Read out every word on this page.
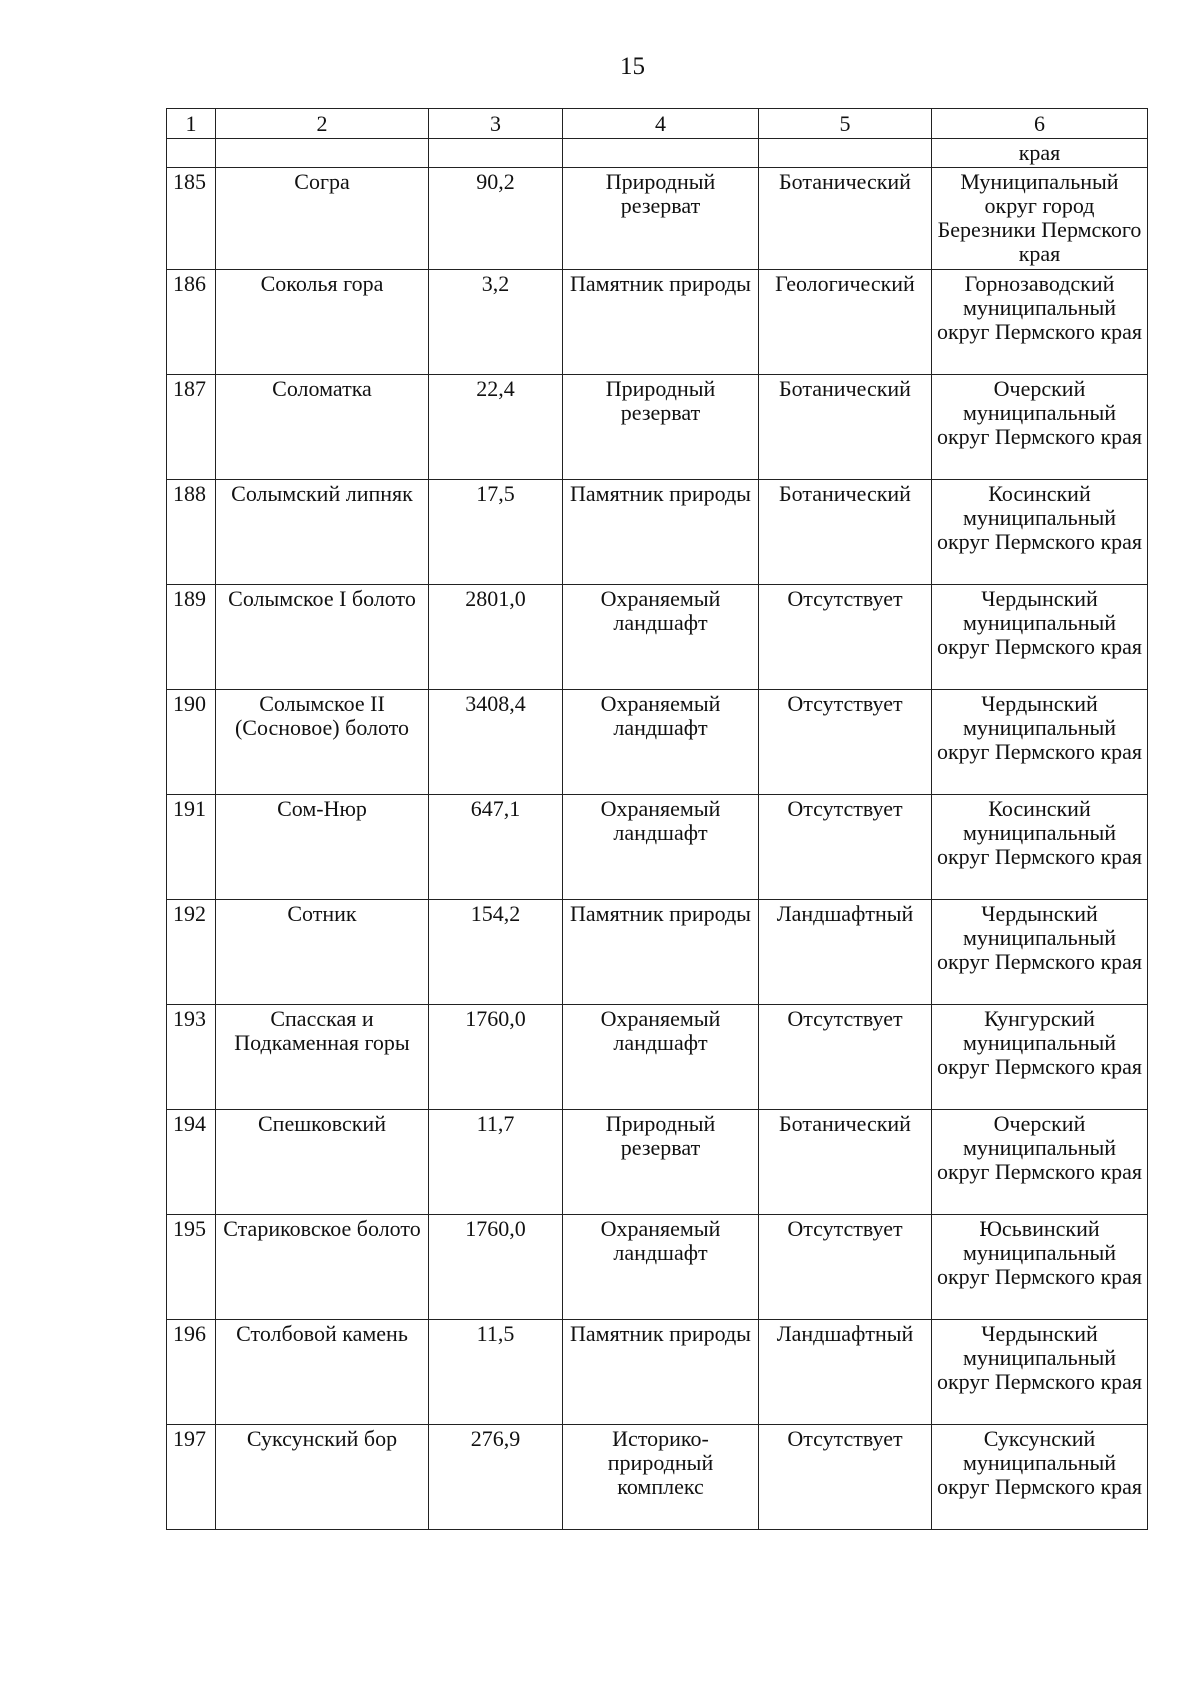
15
1	2	3	4	5	6
					края
185	Согра	90,2	Природный резерват	Ботанический	Муниципальный округ город Березники Пермского края
186	Соколья гора	3,2	Памятник природы	Геологический	Горнозаводский муниципальный округ Пермского края
187	Соломатка	22,4	Природный резерват	Ботанический	Очерский муниципальный округ Пермского края
188	Солымский липняк	17,5	Памятник природы	Ботанический	Косинский муниципальный округ Пермского края
189	Солымское I болото	2801,0	Охраняемый ландшафт	Отсутствует	Чердынский муниципальный округ Пермского края
190	Солымское II (Сосновое) болото	3408,4	Охраняемый ландшафт	Отсутствует	Чердынский муниципальный округ Пермского края
191	Сом-Нюр	647,1	Охраняемый ландшафт	Отсутствует	Косинский муниципальный округ Пермского края
192	Сотник	154,2	Памятник природы	Ландшафтный	Чердынский муниципальный округ Пермского края
193	Спасская и Подкаменная горы	1760,0	Охраняемый ландшафт	Отсутствует	Кунгурский муниципальный округ Пермского края
194	Спешковский	11,7	Природный резерват	Ботанический	Очерский муниципальный округ Пермского края
195	Стариковское болото	1760,0	Охраняемый ландшафт	Отсутствует	Юсьвинский муниципальный округ Пермского края
196	Столбовой камень	11,5	Памятник природы	Ландшафтный	Чердынский муниципальный округ Пермского края
197	Суксунский бор	276,9	Историко-природный комплекс	Отсутствует	Суксунский муниципальный округ Пермского края
